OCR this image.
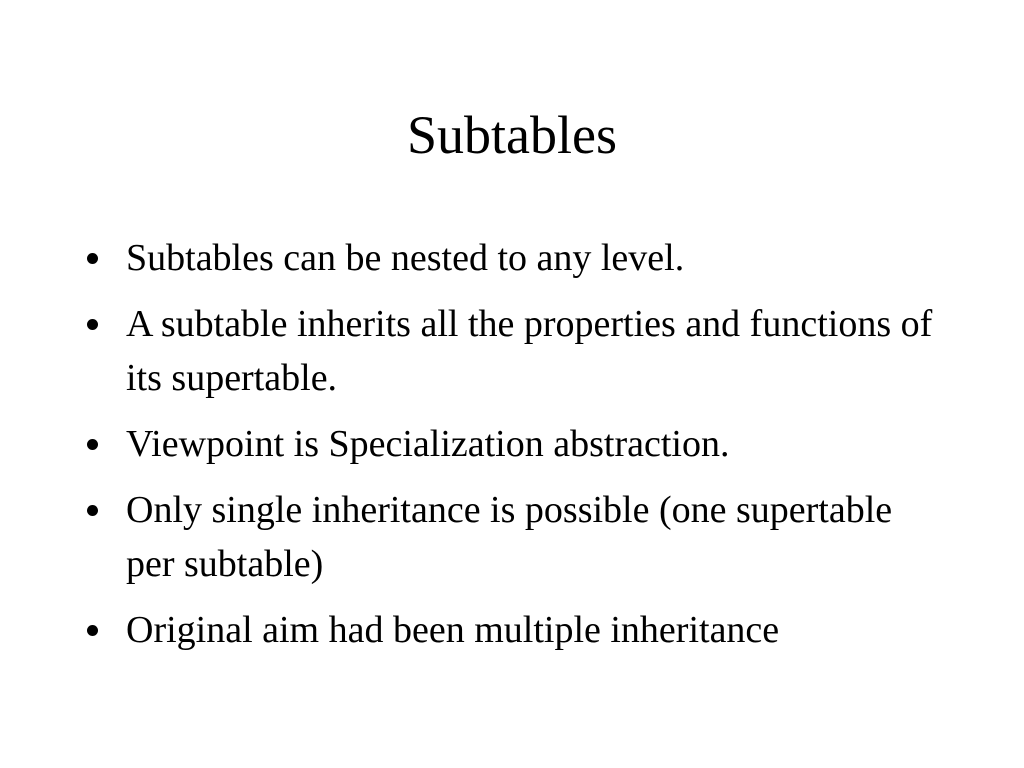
Subtables
Subtables can be nested to any level.
A subtable inherits all the properties and functions of its supertable.
Viewpoint is Specialization abstraction.
Only single inheritance is possible (one supertable per subtable)
Original aim had been multiple inheritance
